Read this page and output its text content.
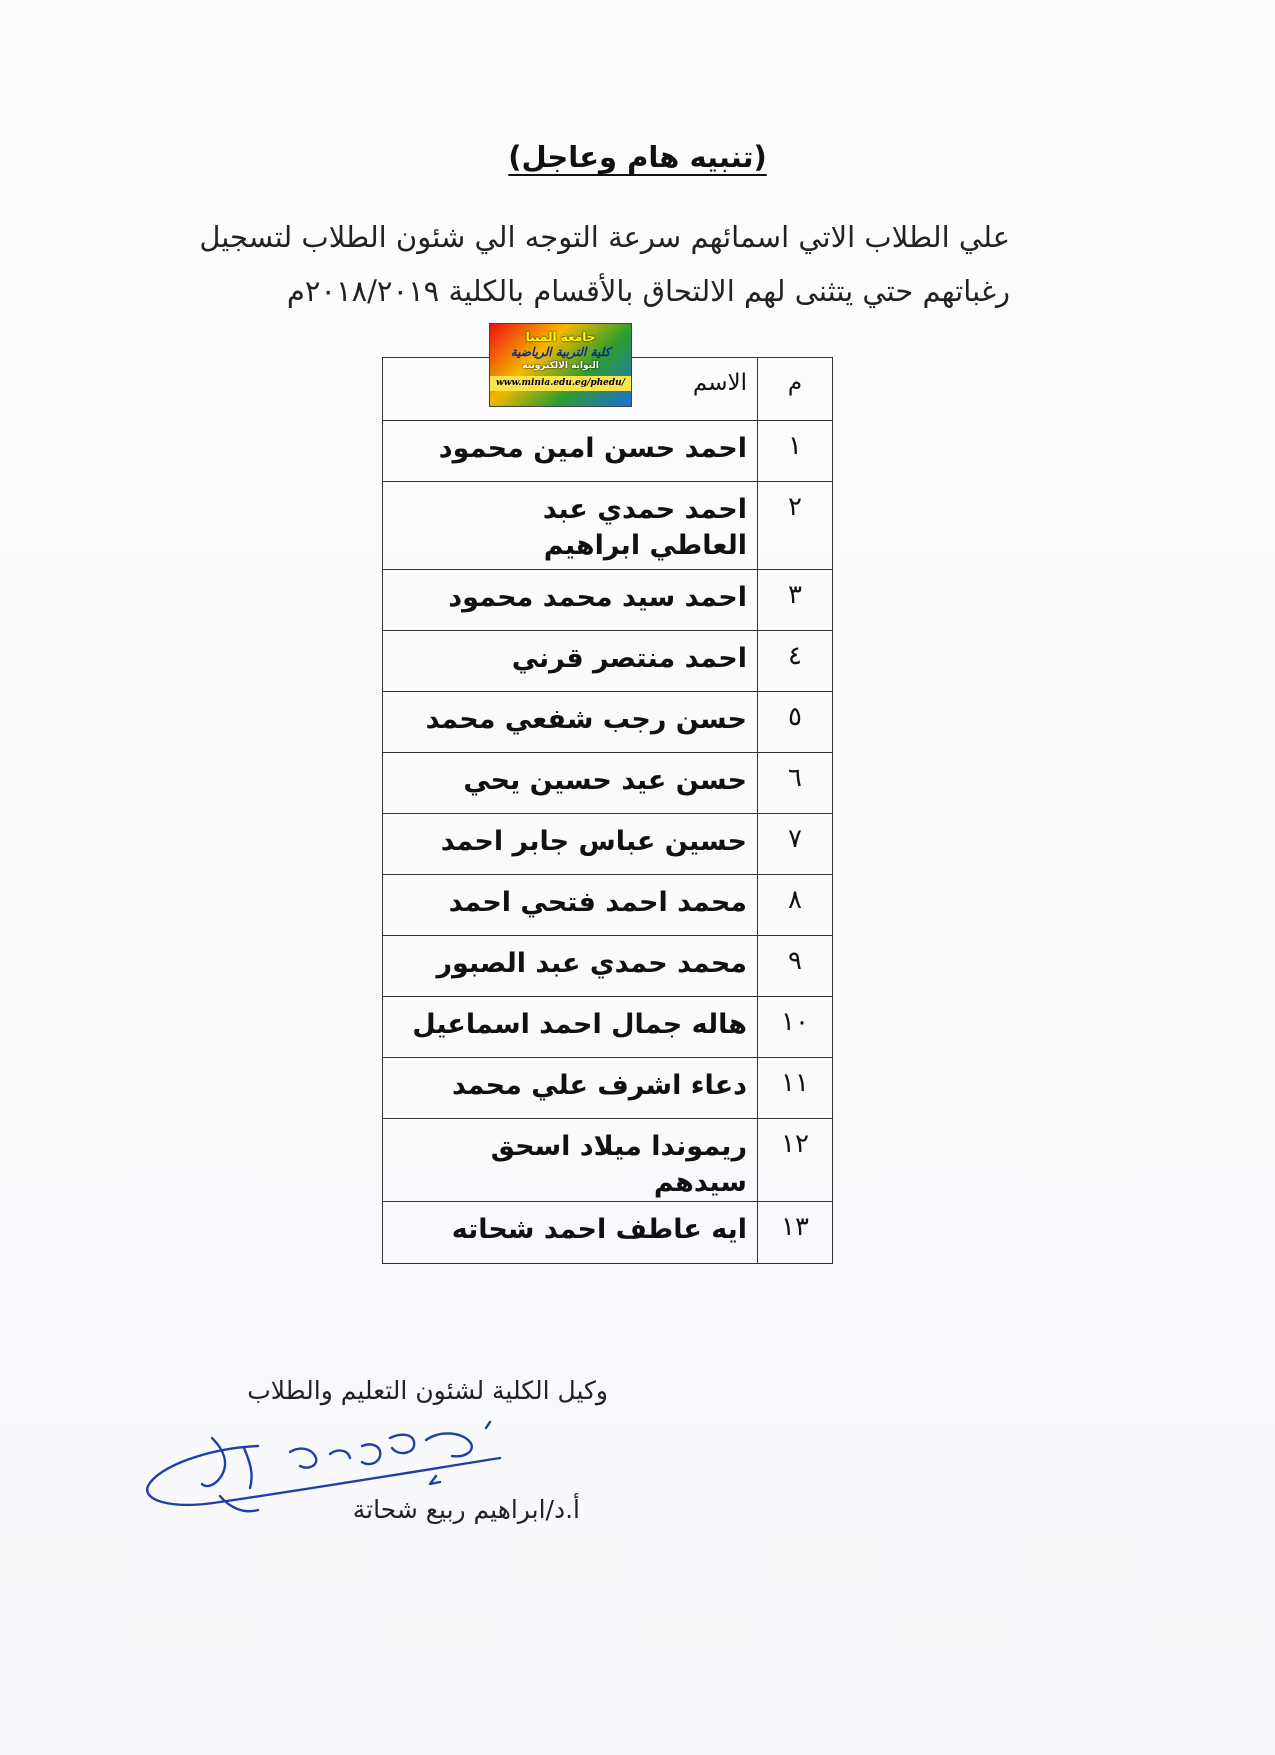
(تنبيه هام وعاجل)

علي الطلاب الاتي اسمائهم سرعة التوجه الي شئون الطلاب لتسجيل

رغباتهم حتي يتثنى لهم الالتحاق بالأقسام بالكلية ٢٠١٨/٢٠١٩م

م	الاسم
١	احمد حسن امين محمود
٢	احمد حمدي عبد العاطي ابراهيم
٣	احمد سيد محمد محمود
٤	احمد منتصر قرني
٥	حسن رجب شفعي محمد
٦	حسن عيد حسين يحي
٧	حسين عباس جابر احمد
٨	محمد احمد فتحي احمد
٩	محمد حمدي عبد الصبور
١٠	هاله جمال احمد اسماعيل
١١	دعاء اشرف علي محمد
١٢	ريموندا ميلاد اسحق سيدهم
١٣	ايه عاطف احمد شحاته
جامعة المنيا
كلية التربية الرياضية
البوابة الالكترونية
www.minia.edu.eg/phedu/
وكيل الكلية لشئون التعليم والطلاب
أ.د/ابراهيم ربيع شحاتة
